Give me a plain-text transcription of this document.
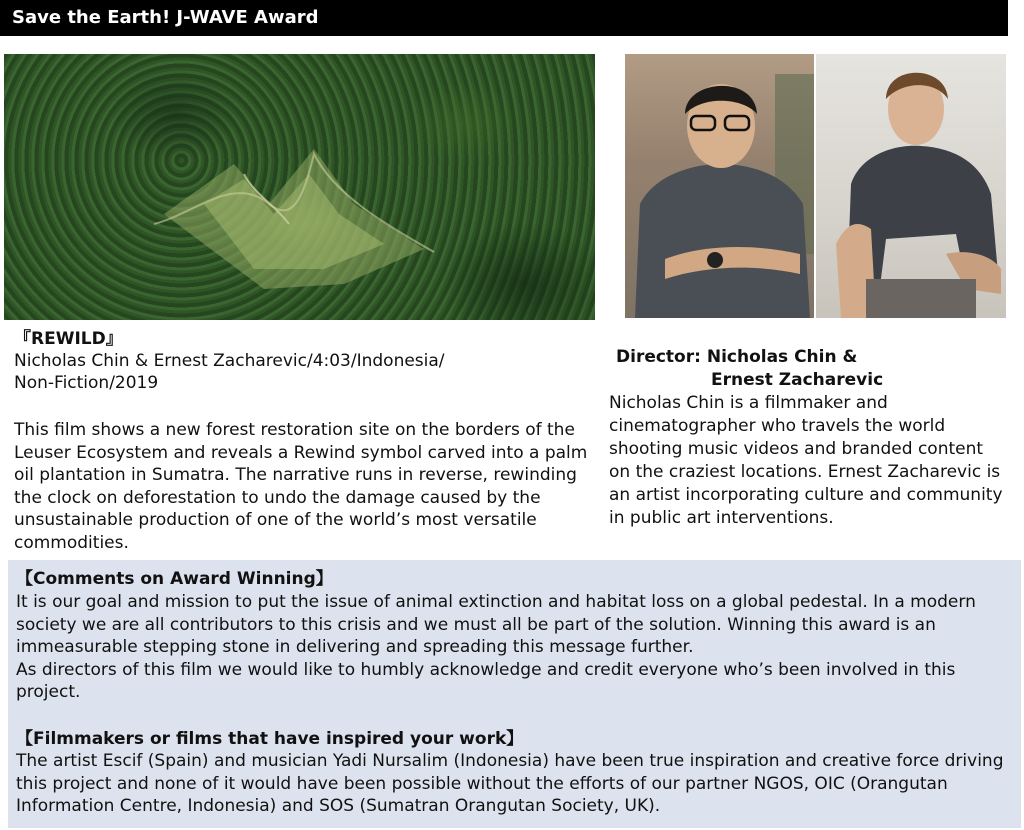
Save the Earth! J-WAVE Award
『REWILD』
Nicholas Chin & Ernest Zacharevic/4:03/Indonesia/
Non-Fiction/2019
This film shows a new forest restoration site on the borders of the Leuser Ecosystem and reveals a Rewind symbol carved into a palm oil plantation in Sumatra. The narrative runs in reverse, rewinding the clock on deforestation to undo the damage caused by the unsustainable production of one of the world’s most versatile commodities.
Director: Nicholas Chin &
Ernest Zacharevic
Nicholas Chin is a filmmaker and cinematographer who travels the world shooting music videos and branded content on the craziest locations. Ernest Zacharevic is an artist incorporating culture and community in public art interventions.
【Comments on Award Winning】

It is our goal and mission to put the issue of animal extinction and habitat loss on a global pedestal. In a modern society we are all contributors to this crisis and we must all be part of the solution. Winning this award is an immeasurable stepping stone in delivering and spreading this message further.

As directors of this film we would like to humbly acknowledge and credit everyone who’s been involved in this project.

【Filmmakers or films that have inspired your work】
The artist Escif (Spain) and musician Yadi Nursalim (Indonesia) have been true inspiration and creative force driving this project and none of it would have been possible without the efforts of our partner NGOS, OIC (Orangutan Information Centre, Indonesia) and SOS (Sumatran Orangutan Society, UK).
